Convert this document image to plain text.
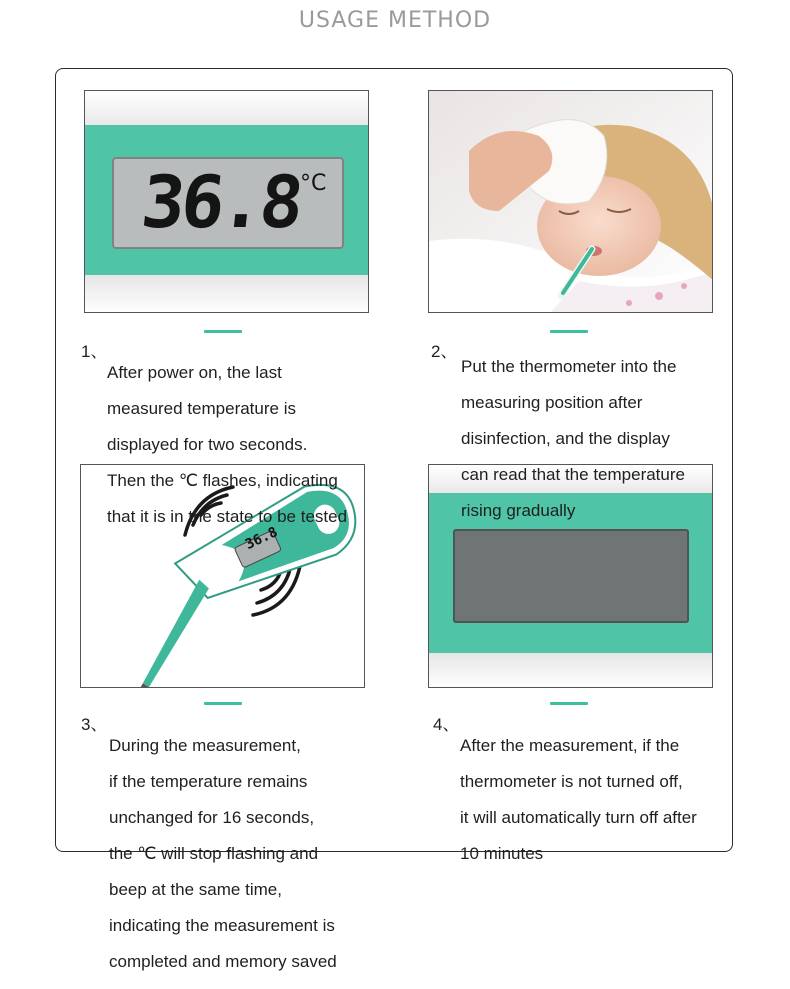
USAGE METHOD
36.8
°C
36.8
1、

After power on, the last

measured temperature is

displayed for two seconds.

Then the ℃ flashes, indicating

that it is in the state to be tested

2、

Put the thermometer into the

measuring position after

disinfection, and the display

can read that the temperature

rising gradually

3、

During the measurement,

if the temperature remains

unchanged for 16 seconds,

the ℃ will stop flashing and

beep at the same time,

indicating the measurement is

completed and memory saved

4、

After the measurement, if the

thermometer is not turned off,

it will automatically turn off after

10 minutes
